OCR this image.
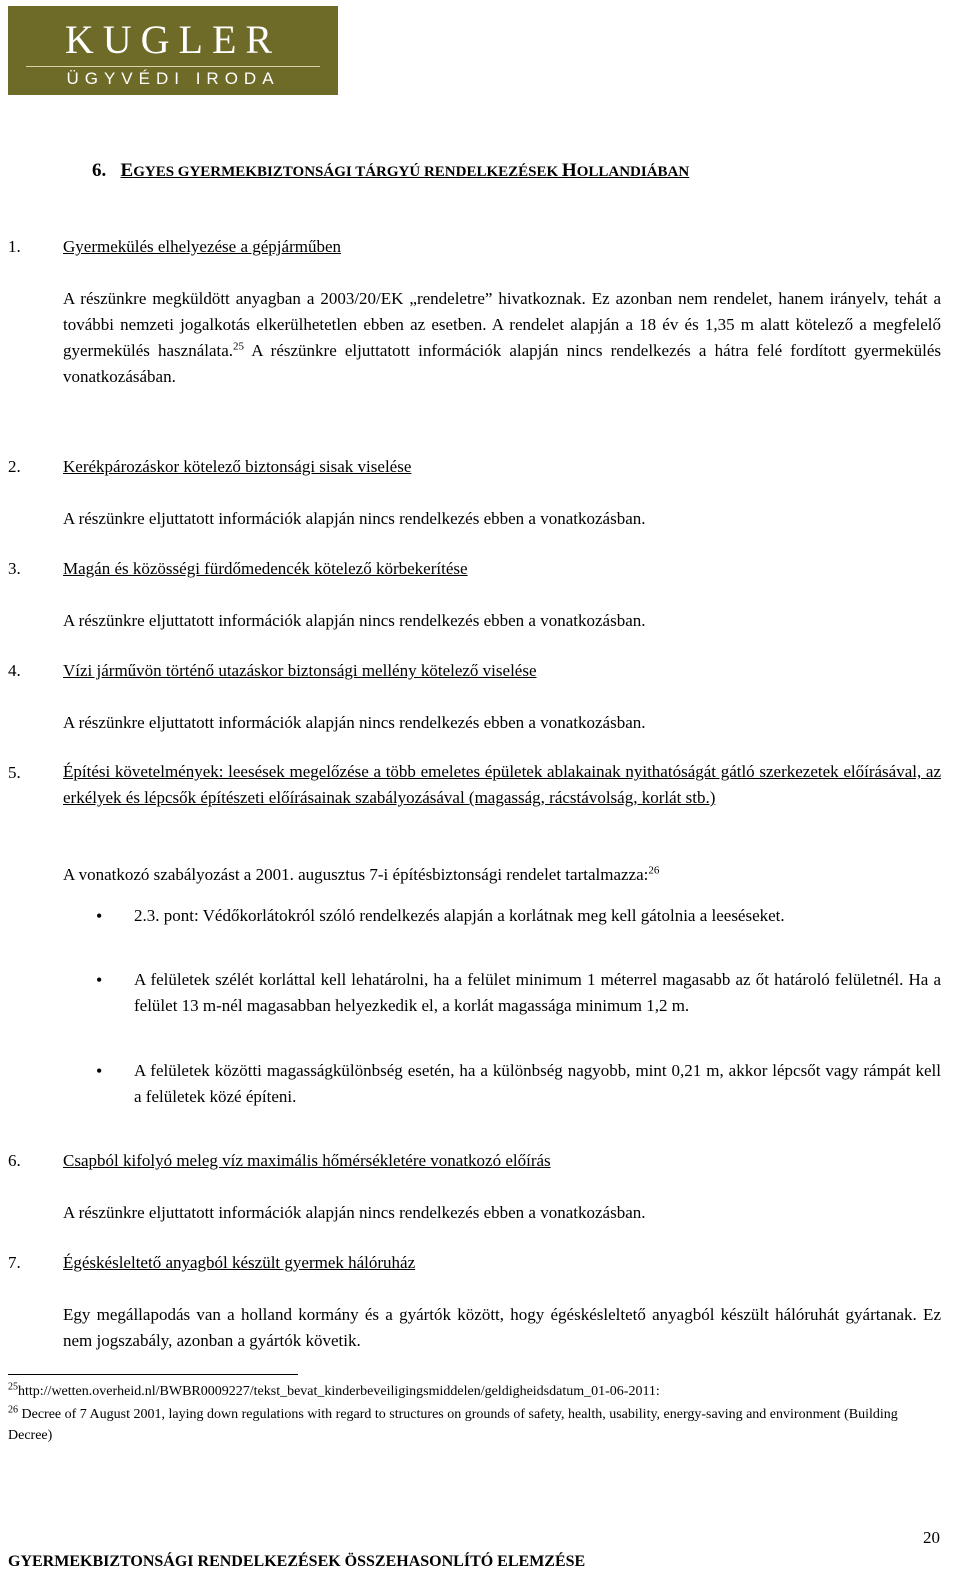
KUGLER
ÜGYVÉDI IRODA
6. EGYES GYERMEKBIZTONSÁGI TÁRGYÚ RENDELKEZÉSEK HOLLANDIÁBAN
1. Gyermekülés elhelyezése a gépjárműben
A részünkre megküldött anyagban a 2003/20/EK „rendeletre” hivatkoznak. Ez azonban nem rendelet, hanem irányelv, tehát a további nemzeti jogalkotás elkerülhetetlen ebben az esetben. A rendelet alapján a 18 év és 1,35 m alatt kötelező a megfelelő gyermekülés használata.$^{25}$ A részünkre eljuttatott információk alapján nincs rendelkezés a hátra felé fordított gyermekülés vonatkozásában.
2. Kerékpározáskor kötelező biztonsági sisak viselése
A részünkre eljuttatott információk alapján nincs rendelkezés ebben a vonatkozásban.
3. Magán és közösségi fürdőmedencék kötelező körbekerítése
A részünkre eljuttatott információk alapján nincs rendelkezés ebben a vonatkozásban.
4. Vízi járművön történő utazáskor biztonsági mellény kötelező viselése
A részünkre eljuttatott információk alapján nincs rendelkezés ebben a vonatkozásban.
5. Építési követelmények: leesések megelőzése a több emeletes épületek ablakainak nyithatóságát gátló szerkezetek előírásával, az erkélyek és lépcsők építészeti előírásainak szabályozásával (magasság, rácstávolság, korlát stb.)
A vonatkozó szabályozást a 2001. augusztus 7-i építésbiztonsági rendelet tartalmazza:$^{26}$
• 2.3. pont: Védőkorlátokról szóló rendelkezés alapján a korlátnak meg kell gátolnia a leeséseket.
• A felületek szélét korláttal kell lehatárolni, ha a felület minimum 1 méterrel magasabb az őt határoló felületnél. Ha a felület 13 m-nél magasabban helyezkedik el, a korlát magassága minimum 1,2 m.
• A felületek közötti magasságkülönbség esetén, ha a különbség nagyobb, mint 0,21 m, akkor lépcsőt vagy rámpát kell a felületek közé építeni.
6. Csapból kifolyó meleg víz maximális hőmérsékletére vonatkozó előírás
A részünkre eljuttatott információk alapján nincs rendelkezés ebben a vonatkozásban.
7. Égéskésleltető anyagból készült gyermek hálóruház
Egy megállapodás van a holland kormány és a gyártók között, hogy égéskésleltető anyagból készült hálóruhát gyártanak. Ez nem jogszabály, azonban a gyártók követik.
$^{25}$http://wetten.overheid.nl/BWBR0009227/tekst_bevat_kinderbeveiligingsmiddelen/geldigheidsdatum_01-06-2011:
$^{26}$ Decree of 7 August 2001, laying down regulations with regard to structures on grounds of safety, health, usability, energy-saving and environment (Building Decree)
20
GYERMEKBIZTONSÁGI RENDELKEZÉSEK ÖSSZEHASONLÍTÓ ELEMZÉSE
